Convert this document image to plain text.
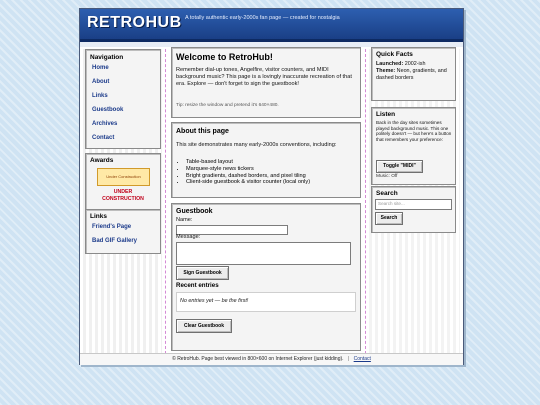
RETROHUB A totally authentic early-2000s fan page — created for nostalgia
Navigation
Home
About
Links
Guestbook
Archives
Contact
Awards
Under Construction
UNDER
CONSTRUCTION
Links
Friend's Page
Bad GIF Gallery
Welcome to RetroHub!
Remember dial-up tones, Angelfire, visitor counters, and MIDI background music? This page is a lovingly inaccurate recreation of that era. Explore — don't forget to sign the guestbook!
Tip: resize the window and pretend it's 640×480.
About this page
This site demonstrates many early-2000s conventions, including:
• Table-based layout
• Marquee-style news tickers
• Bright gradients, dashed borders, and pixel tiling
• Client-side guestbook & visitor counter (local only)
Guestbook
Name:
Message:
Sign Guestbook
Recent entries
No entries yet — be the first!
Clear Guestbook
Quick Facts
Launched: 2002-ish
Theme: Neon, gradients, and dashed borders
Listen
Back in the day sites sometimes played background music. This one politely doesn't — but here's a button that remembers your preference:
Toggle "MIDI"
Music: Off
Search
Search site...
Search
© RetroHub. Page best viewed in 800×600 on Internet Explorer (just kidding). | Contact
